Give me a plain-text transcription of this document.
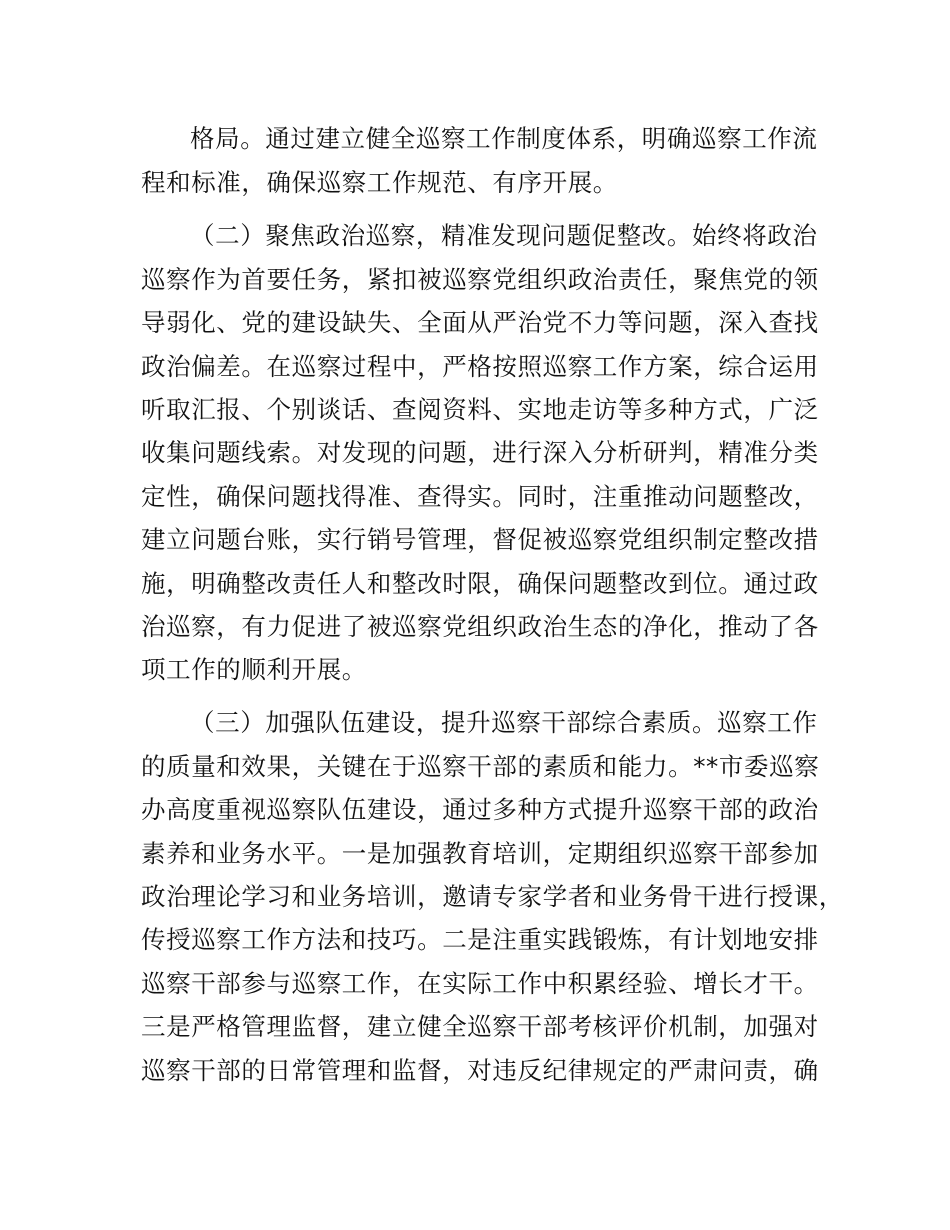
格局。通过建立健全巡察工作制度体系，明确巡察工作流
程和标准，确保巡察工作规范、有序开展。
（二）聚焦政治巡察，精准发现问题促整改。始终将政治
巡察作为首要任务，紧扣被巡察党组织政治责任，聚焦党的领
导弱化、党的建设缺失、全面从严治党不力等问题，深入查找
政治偏差。在巡察过程中，严格按照巡察工作方案，综合运用
听取汇报、个别谈话、查阅资料、实地走访等多种方式，广泛
收集问题线索。对发现的问题，进行深入分析研判，精准分类
定性，确保问题找得准、查得实。同时，注重推动问题整改，
建立问题台账，实行销号管理，督促被巡察党组织制定整改措
施，明确整改责任人和整改时限，确保问题整改到位。通过政
治巡察，有力促进了被巡察党组织政治生态的净化，推动了各
项工作的顺利开展。
（三）加强队伍建设，提升巡察干部综合素质。巡察工作
的质量和效果，关键在于巡察干部的素质和能力。**市委巡察
办高度重视巡察队伍建设，通过多种方式提升巡察干部的政治
素养和业务水平。一是加强教育培训，定期组织巡察干部参加
政治理论学习和业务培训，邀请专家学者和业务骨干进行授课，
传授巡察工作方法和技巧。二是注重实践锻炼，有计划地安排
巡察干部参与巡察工作，在实际工作中积累经验、增长才干。
三是严格管理监督，建立健全巡察干部考核评价机制，加强对
巡察干部的日常管理和监督，对违反纪律规定的严肃问责，确
